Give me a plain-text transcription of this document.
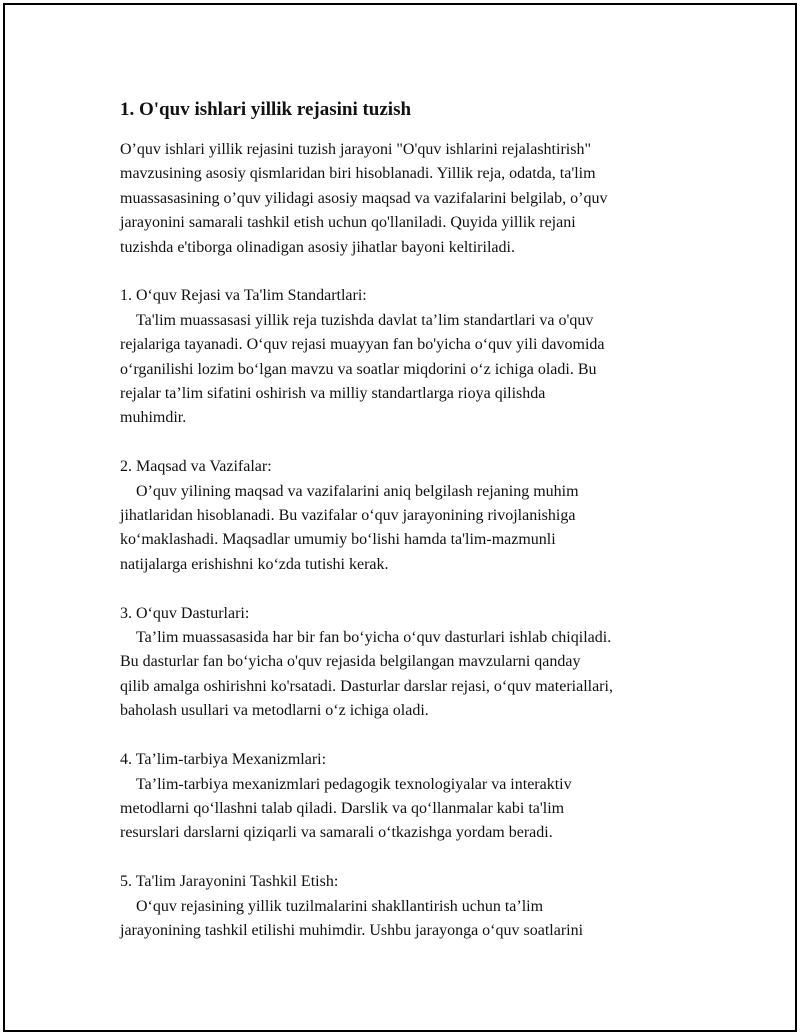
1. O'quv ishlari yillik rejasini tuzish

O’quv ishlari yillik rejasini tuzish jarayoni "O'quv ishlarini rejalashtirish"
mavzusining asosiy qismlaridan biri hisoblanadi. Yillik reja, odatda, ta'lim
muassasasining o’quv yilidagi asosiy maqsad va vazifalarini belgilab, o’quv
jarayonini samarali tashkil etish uchun qo'llaniladi. Quyida yillik rejani
tuzishda e'tiborga olinadigan asosiy jihatlar bayoni keltiriladi.

1. O‘quv Rejasi va Ta'lim Standartlari:
Ta'lim muassasasi yillik reja tuzishda davlat ta’lim standartlari va o'quv
rejalariga tayanadi. O‘quv rejasi muayyan fan bo'yicha o‘quv yili davomida
o‘rganilishi lozim bo‘lgan mavzu va soatlar miqdorini o‘z ichiga oladi. Bu
rejalar ta’lim sifatini oshirish va milliy standartlarga rioya qilishda
muhimdir.
2. Maqsad va Vazifalar:
O’quv yilining maqsad va vazifalarini aniq belgilash rejaning muhim
jihatlaridan hisoblanadi. Bu vazifalar o‘quv jarayonining rivojlanishiga
ko‘maklashadi. Maqsadlar umumiy bo‘lishi hamda ta'lim-mazmunli
natijalarga erishishni ko‘zda tutishi kerak.
3. O‘quv Dasturlari:
Ta’lim muassasasida har bir fan bo‘yicha o‘quv dasturlari ishlab chiqiladi.
Bu dasturlar fan bo‘yicha o'quv rejasida belgilangan mavzularni qanday
qilib amalga oshirishni ko'rsatadi. Dasturlar darslar rejasi, o‘quv materiallari,
baholash usullari va metodlarni o‘z ichiga oladi.
4. Ta’lim-tarbiya Mexanizmlari:
Ta’lim-tarbiya mexanizmlari pedagogik texnologiyalar va interaktiv
metodlarni qo‘llashni talab qiladi. Darslik va qo‘llanmalar kabi ta'lim
resurslari darslarni qiziqarli va samarali o‘tkazishga yordam beradi.
5. Ta'lim Jarayonini Tashkil Etish:
O‘quv rejasining yillik tuzilmalarini shakllantirish uchun ta’lim
jarayonining tashkil etilishi muhimdir. Ushbu jarayonga o‘quv soatlarini
